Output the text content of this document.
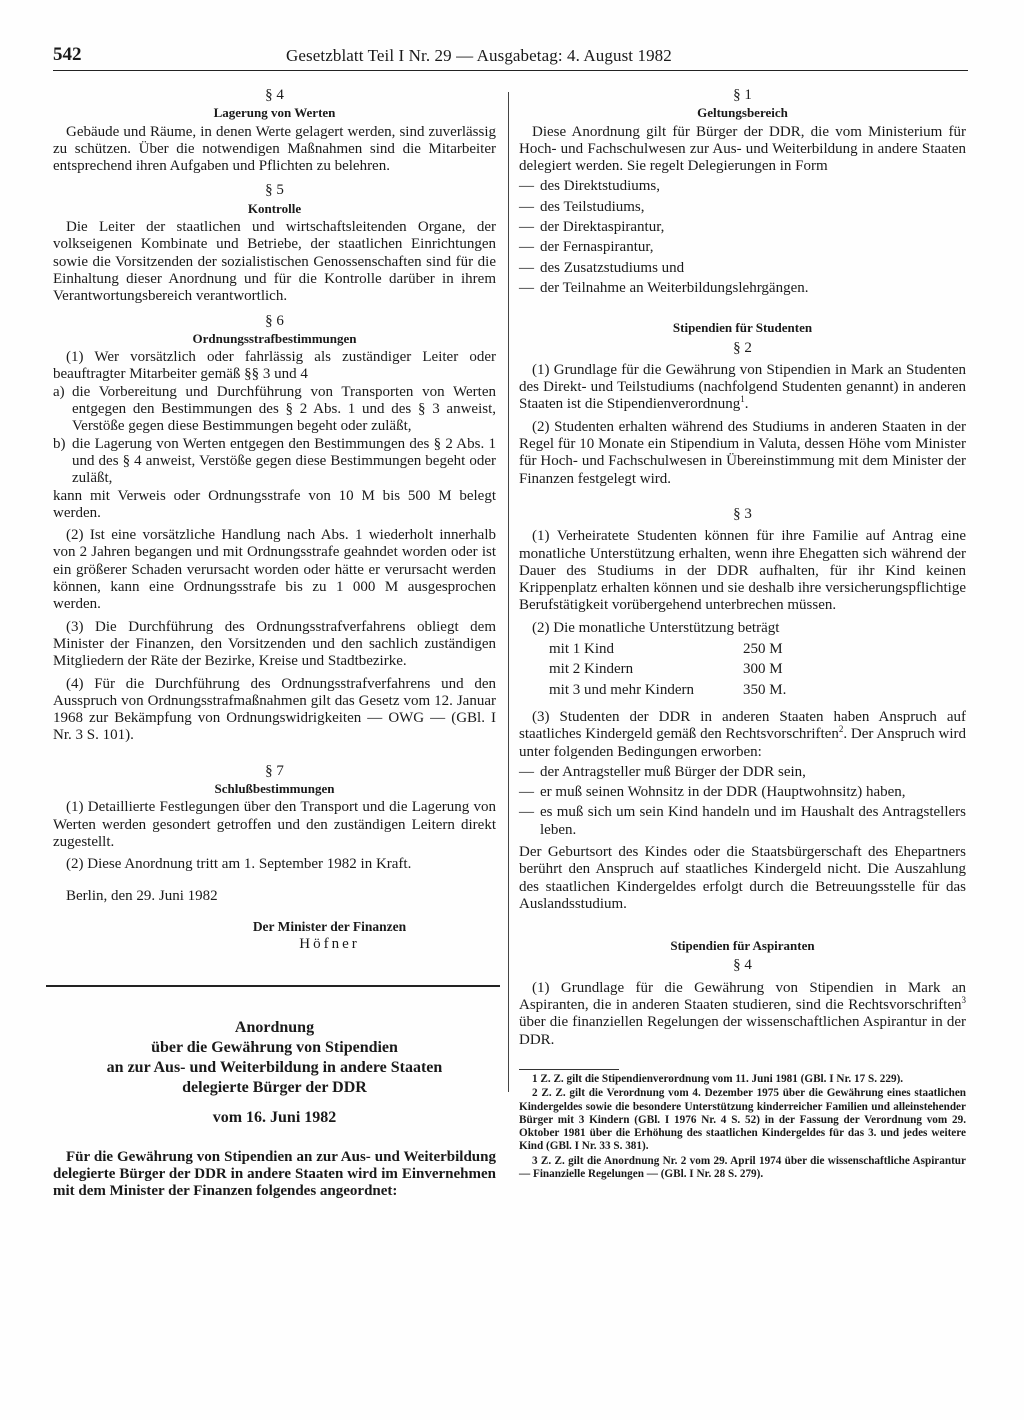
542	Gesetzblatt Teil I Nr. 29 — Ausgabetag: 4. August 1982

§ 4

Lagerung von Werten

Gebäude und Räume, in denen Werte gelagert werden, sind zuverlässig zu schützen. Über die notwendigen Maßnahmen sind die Mitarbeiter entsprechend ihren Aufgaben und Pflichten zu belehren.

§ 5

Kontrolle

Die Leiter der staatlichen und wirtschaftsleitenden Organe, der volkseigenen Kombinate und Betriebe, der staatlichen Einrichtungen sowie die Vorsitzenden der sozialistischen Genossenschaften sind für die Einhaltung dieser Anordnung und für die Kontrolle darüber in ihrem Verantwortungsbereich verantwortlich.

§ 6

Ordnungsstrafbestimmungen

(1) Wer vorsätzlich oder fahrlässig als zuständiger Leiter oder beauftragter Mitarbeiter gemäß §§ 3 und 4

a) die Vorbereitung und Durchführung von Transporten von Werten entgegen den Bestimmungen des § 2 Abs. 1 und des § 3 anweist, Verstöße gegen diese Bestimmungen begeht oder zuläßt,
b) die Lagerung von Werten entgegen den Bestimmungen des § 2 Abs. 1 und des § 4 anweist, Verstöße gegen diese Bestimmungen begeht oder zuläßt,

kann mit Verweis oder Ordnungsstrafe von 10 M bis 500 M belegt werden.

(2) Ist eine vorsätzliche Handlung nach Abs. 1 wiederholt innerhalb von 2 Jahren begangen und mit Ordnungsstrafe geahndet worden oder ist ein größerer Schaden verursacht worden oder hätte er verursacht werden können, kann eine Ordnungsstrafe bis zu 1 000 M ausgesprochen werden.

(3) Die Durchführung des Ordnungsstrafverfahrens obliegt dem Minister der Finanzen, den Vorsitzenden und den sachlich zuständigen Mitgliedern der Räte der Bezirke, Kreise und Stadtbezirke.

(4) Für die Durchführung des Ordnungsstrafverfahrens und den Ausspruch von Ordnungsstrafmaßnahmen gilt das Gesetz vom 12. Januar 1968 zur Bekämpfung von Ordnungswidrigkeiten — OWG — (GBl. I Nr. 3 S. 101).

§ 7

Schlußbestimmungen

(1) Detaillierte Festlegungen über den Transport und die Lagerung von Werten werden gesondert getroffen und den zuständigen Leitern direkt zugestellt.

(2) Diese Anordnung tritt am 1. September 1982 in Kraft.

Berlin, den 29. Juni 1982

Der Minister der Finanzen

Höfner

Anordnung
über die Gewährung von Stipendien
an zur Aus- und Weiterbildung in andere Staaten
delegierte Bürger der DDR

vom 16. Juni 1982

Für die Gewährung von Stipendien an zur Aus- und Weiterbildung delegierte Bürger der DDR in andere Staaten wird im Einvernehmen mit dem Minister der Finanzen folgendes angeordnet:

§ 1

Geltungsbereich

Diese Anordnung gilt für Bürger der DDR, die vom Ministerium für Hoch- und Fachschulwesen zur Aus- und Weiterbildung in andere Staaten delegiert werden. Sie regelt Delegierungen in Form

— des Direktstudiums,
— des Teilstudiums,
— der Direktaspirantur,
— der Fernaspirantur,
— des Zusatzstudiums und
— der Teilnahme an Weiterbildungslehrgängen.

Stipendien für Studenten

§ 2

(1) Grundlage für die Gewährung von Stipendien in Mark an Studenten des Direkt- und Teilstudiums (nachfolgend Studenten genannt) in anderen Staaten ist die Stipendienverordnung$^1$.

(2) Studenten erhalten während des Studiums in anderen Staaten in der Regel für 10 Monate ein Stipendium in Valuta, dessen Höhe vom Minister für Hoch- und Fachschulwesen in Übereinstimmung mit dem Minister der Finanzen festgelegt wird.

§ 3

(1) Verheiratete Studenten können für ihre Familie auf Antrag eine monatliche Unterstützung erhalten, wenn ihre Ehegatten sich während der Dauer des Studiums in der DDR aufhalten, für ihr Kind keinen Krippenplatz erhalten können und sie deshalb ihre versicherungspflichtige Berufstätigkeit vorübergehend unterbrechen müssen.

(2) Die monatliche Unterstützung beträgt

mit 1 Kind	250 M
mit 2 Kindern	300 M
mit 3 und mehr Kindern	350 M.

(3) Studenten der DDR in anderen Staaten haben Anspruch auf staatliches Kindergeld gemäß den Rechtsvorschriften$^2$. Der Anspruch wird unter folgenden Bedingungen erworben:

— der Antragsteller muß Bürger der DDR sein,
— er muß seinen Wohnsitz in der DDR (Hauptwohnsitz) haben,
— es muß sich um sein Kind handeln und im Haushalt des Antragstellers leben.

Der Geburtsort des Kindes oder die Staatsbürgerschaft des Ehepartners berührt den Anspruch auf staatliches Kindergeld nicht. Die Auszahlung des staatlichen Kindergeldes erfolgt durch die Betreuungsstelle für das Auslandsstudium.

Stipendien für Aspiranten

§ 4

(1) Grundlage für die Gewährung von Stipendien in Mark an Aspiranten, die in anderen Staaten studieren, sind die Rechtsvorschriften$^3$ über die finanziellen Regelungen der wissenschaftlichen Aspirantur in der DDR.

1 Z. Z. gilt die Stipendienverordnung vom 11. Juni 1981 (GBl. I Nr. 17 S. 229).

2 Z. Z. gilt die Verordnung vom 4. Dezember 1975 über die Gewährung eines staatlichen Kindergeldes sowie die besondere Unterstützung kinderreicher Familien und alleinstehender Bürger mit 3 Kindern (GBl. I 1976 Nr. 4 S. 52) in der Fassung der Verordnung vom 29. Oktober 1981 über die Erhöhung des staatlichen Kindergeldes für das 3. und jedes weitere Kind (GBl. I Nr. 33 S. 381).

3 Z. Z. gilt die Anordnung Nr. 2 vom 29. April 1974 über die wissenschaftliche Aspirantur — Finanzielle Regelungen — (GBl. I Nr. 28 S. 279).
